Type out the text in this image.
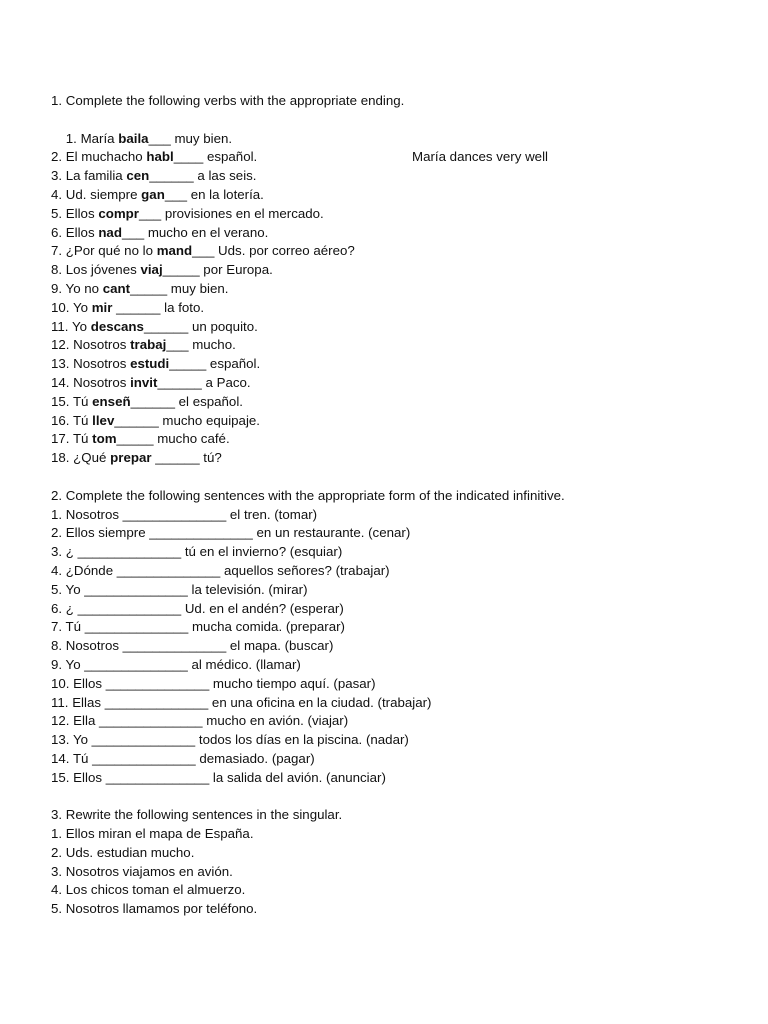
1. Complete the following verbs with the appropriate ending.

1. María baila___ muy bien.

María dances very well

2. El muchacho habl____ español.
3. La familia cen______ a las seis.
4. Ud. siempre gan___ en la lotería.
5. Ellos compr___ provisiones en el mercado.
6. Ellos nad___ mucho en el verano.
7. ¿Por qué no lo mand___ Uds. por correo aéreo?
8. Los jóvenes viaj_____ por Europa.
9. Yo no cant_____ muy bien.
10. Yo mir ______ la foto.
11. Yo descans______ un poquito.
12. Nosotros trabaj___ mucho.
13. Nosotros estudi_____ español.
14. Nosotros invit______ a Paco.
15. Tú enseñ______ el español.
16. Tú llev______ mucho equipaje.
17. Tú tom_____ mucho café.
18. ¿Qué prepar ______ tú?
2. Complete the following sentences with the appropriate form of the indicated infinitive.
1. Nosotros ______________ el tren. (tomar)
2. Ellos siempre ______________ en un restaurante. (cenar)
3. ¿ ______________ tú en el invierno? (esquiar)
4. ¿Dónde ______________ aquellos señores? (trabajar)
5. Yo ______________ la televisión. (mirar)
6. ¿ ______________ Ud. en el andén? (esperar)
7. Tú ______________ mucha comida. (preparar)
8. Nosotros ______________ el mapa. (buscar)
9. Yo ______________ al médico. (llamar)
10. Ellos ______________ mucho tiempo aquí. (pasar)
11. Ellas ______________ en una oficina en la ciudad. (trabajar)
12. Ella ______________ mucho en avión. (viajar)
13. Yo ______________ todos los días en la piscina. (nadar)
14. Tú ______________ demasiado. (pagar)
15. Ellos ______________ la salida del avión. (anunciar)
3. Rewrite the following sentences in the singular.
1. Ellos miran el mapa de España.
2. Uds. estudian mucho.
3. Nosotros viajamos en avión.
4. Los chicos toman el almuerzo.
5. Nosotros llamamos por teléfono.
